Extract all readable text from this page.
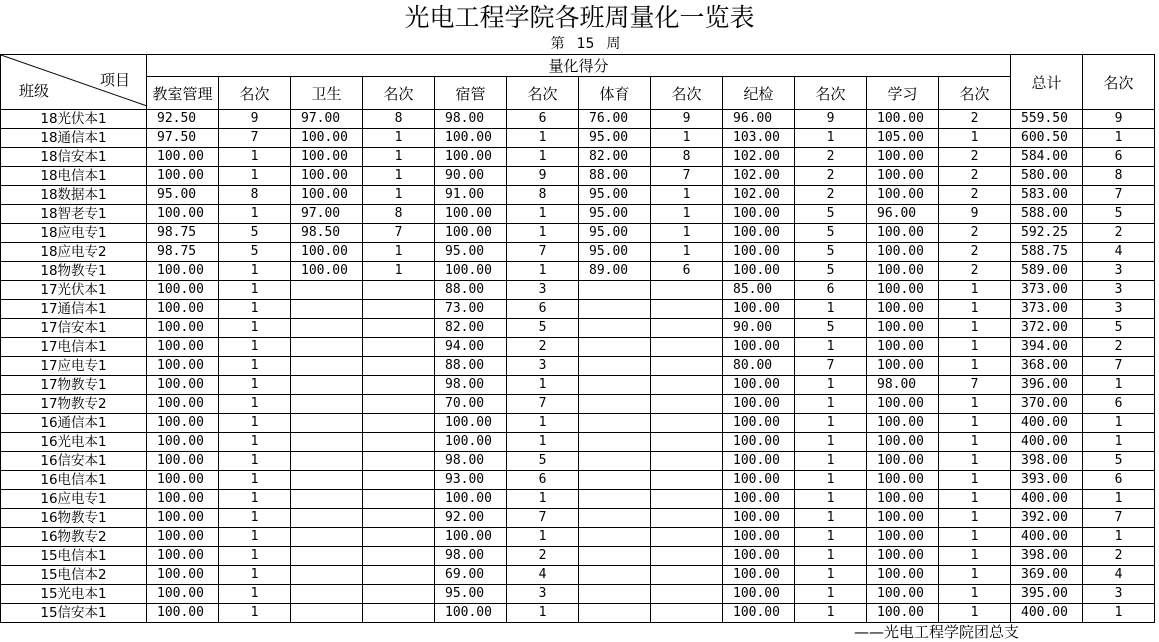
光电工程学院各班周量化一览表
第 15 周
班级
项目	量化得分												总计	名次
	教室管理	名次	卫生	名次	宿管	名次	体育	名次	纪检	名次	学习	名次		
18光伏本1	92.50	9	97.00	8	98.00	6	76.00	9	96.00	9	100.00	2	559.50	9
18通信本1	97.50	7	100.00	1	100.00	1	95.00	1	103.00	1	105.00	1	600.50	1
18信安本1	100.00	1	100.00	1	100.00	1	82.00	8	102.00	2	100.00	2	584.00	6
18电信本1	100.00	1	100.00	1	90.00	9	88.00	7	102.00	2	100.00	2	580.00	8
18数据本1	95.00	8	100.00	1	91.00	8	95.00	1	102.00	2	100.00	2	583.00	7
18智老专1	100.00	1	97.00	8	100.00	1	95.00	1	100.00	5	96.00	9	588.00	5
18应电专1	98.75	5	98.50	7	100.00	1	95.00	1	100.00	5	100.00	2	592.25	2
18应电专2	98.75	5	100.00	1	95.00	7	95.00	1	100.00	5	100.00	2	588.75	4
18物教专1	100.00	1	100.00	1	100.00	1	89.00	6	100.00	5	100.00	2	589.00	3
17光伏本1	100.00	1			88.00	3			85.00	6	100.00	1	373.00	3
17通信本1	100.00	1			73.00	6			100.00	1	100.00	1	373.00	3
17信安本1	100.00	1			82.00	5			90.00	5	100.00	1	372.00	5
17电信本1	100.00	1			94.00	2			100.00	1	100.00	1	394.00	2
17应电专1	100.00	1			88.00	3			80.00	7	100.00	1	368.00	7
17物教专1	100.00	1			98.00	1			100.00	1	98.00	7	396.00	1
17物教专2	100.00	1			70.00	7			100.00	1	100.00	1	370.00	6
16通信本1	100.00	1			100.00	1			100.00	1	100.00	1	400.00	1
16光电本1	100.00	1			100.00	1			100.00	1	100.00	1	400.00	1
16信安本1	100.00	1			98.00	5			100.00	1	100.00	1	398.00	5
16电信本1	100.00	1			93.00	6			100.00	1	100.00	1	393.00	6
16应电专1	100.00	1			100.00	1			100.00	1	100.00	1	400.00	1
16物教专1	100.00	1			92.00	7			100.00	1	100.00	1	392.00	7
16物教专2	100.00	1			100.00	1			100.00	1	100.00	1	400.00	1
15电信本1	100.00	1			98.00	2			100.00	1	100.00	1	398.00	2
15电信本2	100.00	1			69.00	4			100.00	1	100.00	1	369.00	4
15光电本1	100.00	1			95.00	3			100.00	1	100.00	1	395.00	3
15信安本1	100.00	1			100.00	1			100.00	1	100.00	1	400.00	1
——光电工程学院团总支
